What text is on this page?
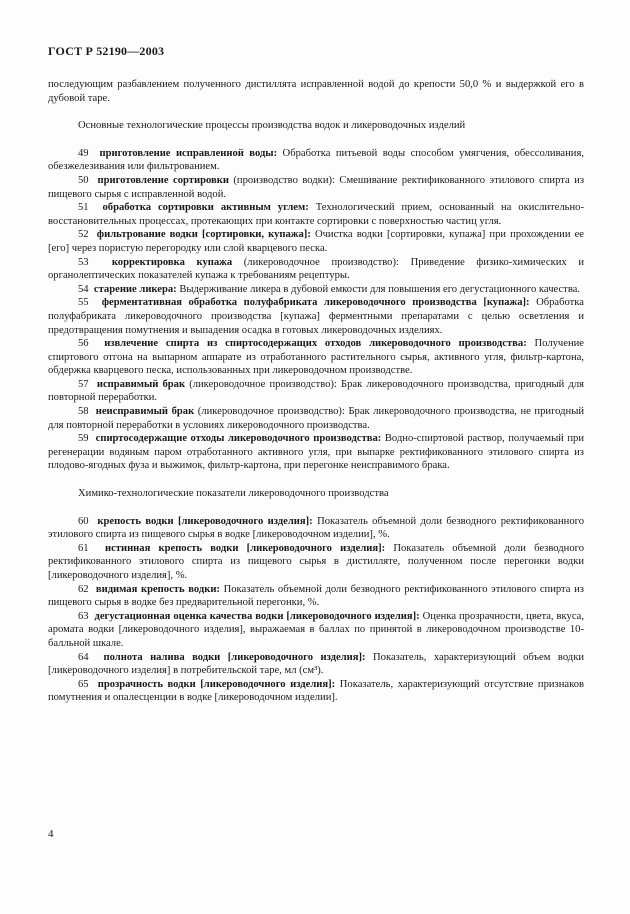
ГОСТ Р 52190—2003

последующим разбавлением полученного дистиллята исправленной водой до крепости 50,0 % и выдержкой его в дубовой таре.

Основные технологические процессы производства водок и ликероводочных изделий

49 приготовление исправленной воды: Обработка питьевой воды способом умягчения, обессоливания, обезжелезивания или фильтрованием.

50 приготовление сортировки (производство водки): Смешивание ректификованного этилового спирта из пищевого сырья с исправленной водой.

51 обработка сортировки активным углем: Технологический прием, основанный на окислительно-восстановительных процессах, протекающих при контакте сортировки с поверхностью частиц угля.

52 фильтрование водки [сортировки, купажа]: Очистка водки [сортировки, купажа] при прохождении ее [его] через пористую перегородку или слой кварцевого песка.

53 корректировка купажа (ликероводочное производство): Приведение физико-химических и органолептических показателей купажа к требованиям рецептуры.

54 старение ликера: Выдерживание ликера в дубовой емкости для повышения его дегустационного качества.

55 ферментативная обработка полуфабриката ликероводочного производства [купажа]: Обработка полуфабриката ликероводочного производства [купажа] ферментными препаратами с целью осветления и предотвращения помутнения и выпадения осадка в готовых ликероводочных изделиях.

56 извлечение спирта из спиртосодержащих отходов ликероводочного производства: Получение спиртового отгона на выпарном аппарате из отработанного растительного сырья, активного угля, фильтр-картона, обдержка кварцевого песка, использованных при ликероводочном производстве.

57 исправимый брак (ликероводочное производство): Брак ликероводочного производства, пригодный для повторной переработки.

58 неисправимый брак (ликероводочное производство): Брак ликероводочного производства, не пригодный для повторной переработки в условиях ликероводочного производства.

59 спиртосодержащие отходы ликероводочного производства: Водно-спиртовой раствор, получаемый при регенерации водяным паром отработанного активного угля, при выпарке ректификованного этилового спирта из плодово-ягодных фуза и выжимок, фильтр-картона, при перегонке неисправимого брака.

Химико-технологические показатели ликероводочного производства

60 крепость водки [ликероводочного изделия]: Показатель объемной доли безводного ректификованного этилового спирта из пищевого сырья в водке [ликероводочном изделии], %.

61 истинная крепость водки [ликероводочного изделия]: Показатель объемной доли безводного ректификованного этилового спирта из пищевого сырья в дистилляте, полученном после перегонки водки [ликероводочного изделия], %.

62 видимая крепость водки: Показатель объемной доли безводного ректификованного этилового спирта из пищевого сырья в водке без предварительной перегонки, %.

63 дегустационная оценка качества водки [ликероводочного изделия]: Оценка прозрачности, цвета, вкуса, аромата водки [ликероводочного изделия], выражаемая в баллах по принятой в ликероводочном производстве 10-балльной шкале.

64 полнота налива водки [ликероводочного изделия]: Показатель, характеризующий объем водки [ликероводочного изделия] в потребительской таре, мл (см³).

65 прозрачность водки [ликероводочного изделия]: Показатель, характеризующий отсутствие признаков помутнения и опалесценции в водке [ликероводочном изделии].

4
